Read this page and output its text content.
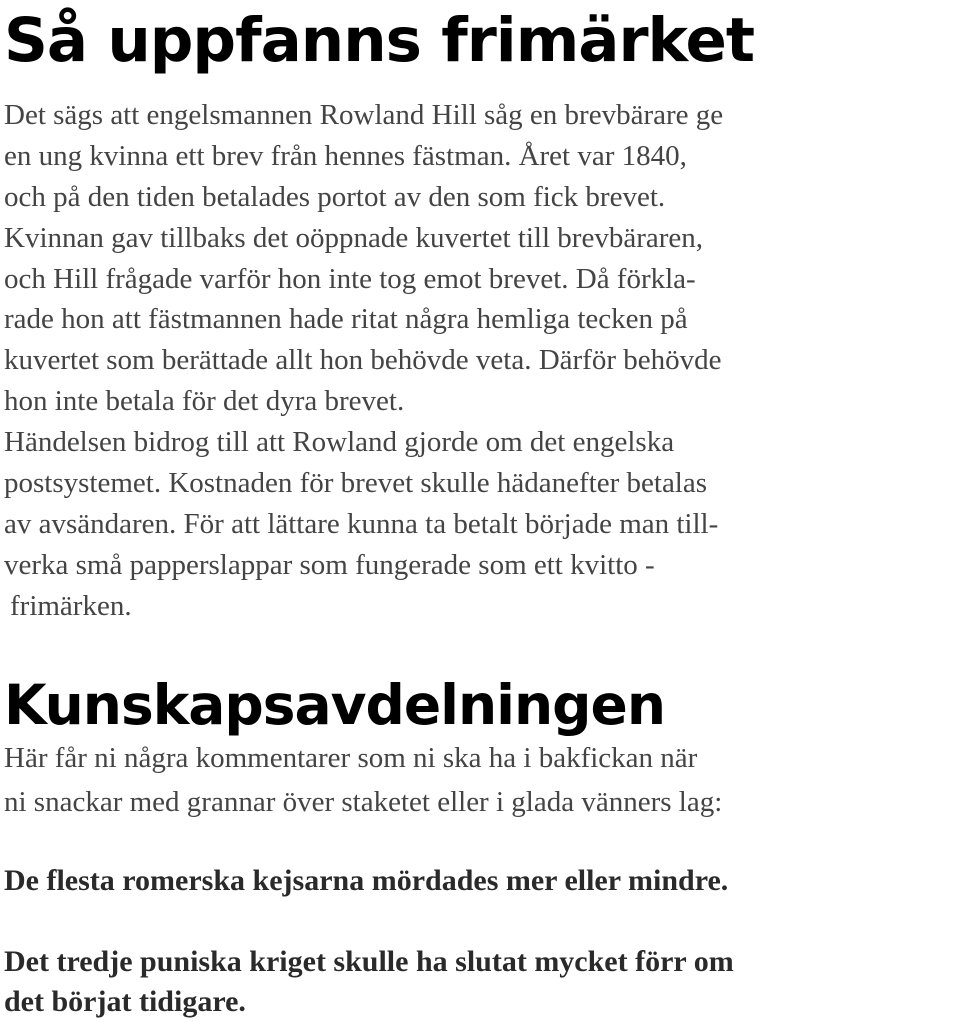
Så uppfanns frimärket
Det sägs att engelsmannen Rowland Hill såg en brevbärare ge
en ung kvinna ett brev från hennes fästman. Året var 1840,
och på den tiden betalades portot av den som fick brevet.
Kvinnan gav tillbaks det oöppnade kuvertet till brevbäraren,
och Hill frågade varför hon inte tog emot brevet. Då förkla-
rade hon att fästmannen hade ritat några hemliga tecken på
kuvertet som berättade allt hon behövde veta. Därför behövde
hon inte betala för det dyra brevet.
Händelsen bidrog till att Rowland gjorde om det engelska
postsystemet. Kostnaden för brevet skulle hädanefter betalas
av avsändaren. För att lättare kunna ta betalt började man till-
verka små papperslappar som fungerade som ett kvitto -
frimärken.
Kunskapsavdelningen
Här får ni några kommentarer som ni ska ha i bakfickan när
ni snackar med grannar över staketet eller i glada vänners lag:
De flesta romerska kejsarna mördades mer eller mindre.
Det tredje puniska kriget skulle ha slutat mycket förr om
det börjat tidigare.
